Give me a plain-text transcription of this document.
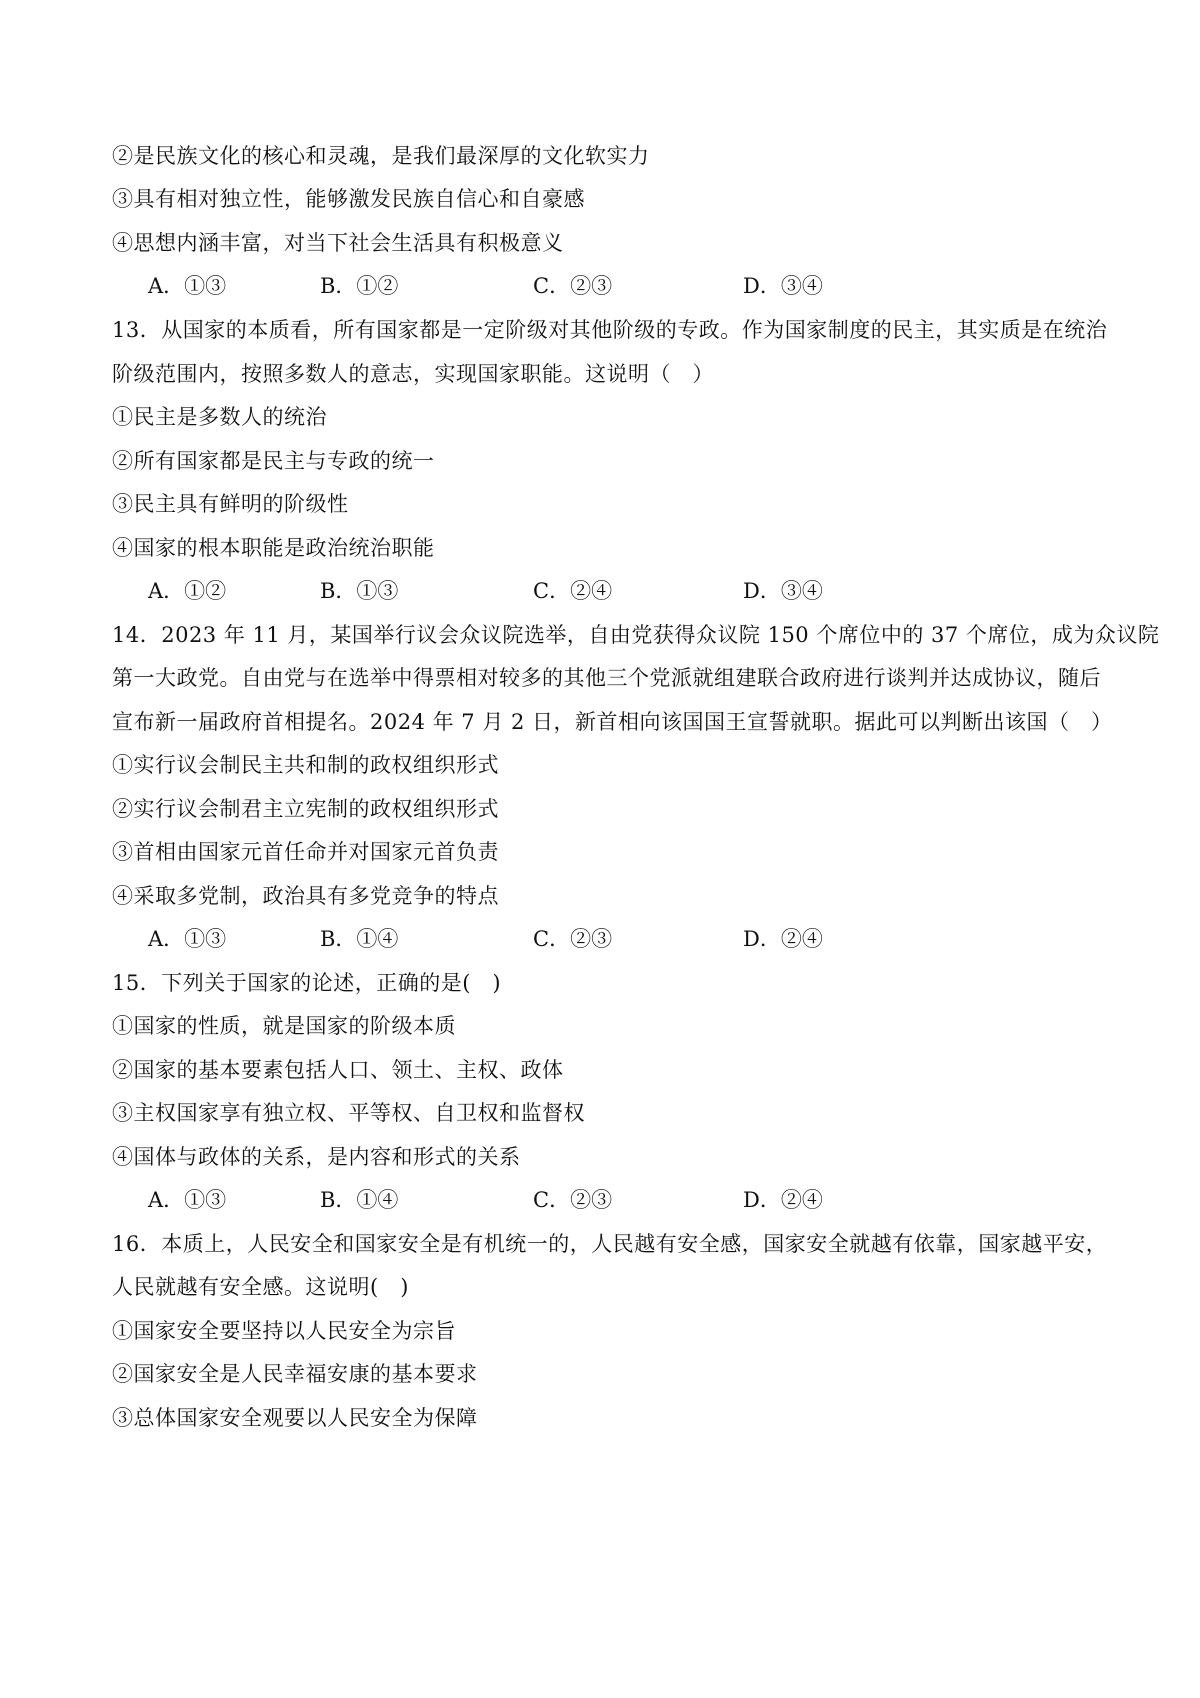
②是民族文化的核心和灵魂，是我们最深厚的文化软实力
③具有相对独立性，能够激发民族自信心和自豪感
④思想内涵丰富，对当下社会生活具有积极意义
A．①③	B．①②	C．②③	D．③④
13．从国家的本质看，所有国家都是一定阶级对其他阶级的专政。作为国家制度的民主，其实质是在统治
阶级范围内，按照多数人的意志，实现国家职能。这说明（　）
①民主是多数人的统治
②所有国家都是民主与专政的统一
③民主具有鲜明的阶级性
④国家的根本职能是政治统治职能
A．①②	B．①③	C．②④	D．③④
14．2023 年 11 月，某国举行议会众议院选举，自由党获得众议院 150 个席位中的 37 个席位，成为众议院
第一大政党。自由党与在选举中得票相对较多的其他三个党派就组建联合政府进行谈判并达成协议，随后
宣布新一届政府首相提名。2024 年 7 月 2 日，新首相向该国国王宣誓就职。据此可以判断出该国（　）
①实行议会制民主共和制的政权组织形式
②实行议会制君主立宪制的政权组织形式
③首相由国家元首任命并对国家元首负责
④采取多党制，政治具有多党竞争的特点
A．①③	B．①④	C．②③	D．②④
15．下列关于国家的论述，正确的是(　)
①国家的性质，就是国家的阶级本质
②国家的基本要素包括人口、领土、主权、政体
③主权国家享有独立权、平等权、自卫权和监督权
④国体与政体的关系，是内容和形式的关系
A．①③	B．①④	C．②③	D．②④
16．本质上，人民安全和国家安全是有机统一的，人民越有安全感，国家安全就越有依靠，国家越平安，
人民就越有安全感。这说明(　)
①国家安全要坚持以人民安全为宗旨
②国家安全是人民幸福安康的基本要求
③总体国家安全观要以人民安全为保障
